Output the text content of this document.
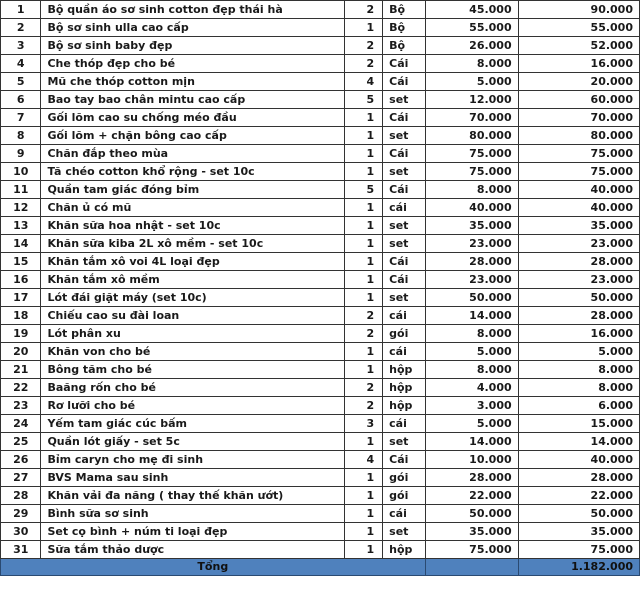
1	Bộ quần áo sơ sinh cotton đẹp thái hà	2	Bộ	45.000	90.000
2	Bộ sơ sinh ulla cao cấp	1	Bộ	55.000	55.000
3	Bộ sơ sinh baby đẹp	2	Bộ	26.000	52.000
4	Che thóp đẹp cho bé	2	Cái	8.000	16.000
5	Mũ che thóp cotton mịn	4	Cái	5.000	20.000
6	Bao tay bao chân mintu cao cấp	5	set	12.000	60.000
7	Gối lõm cao su chống méo đầu	1	Cái	70.000	70.000
8	Gối lõm + chặn bông cao cấp	1	set	80.000	80.000
9	Chăn đắp theo mùa	1	Cái	75.000	75.000
10	Tã chéo cotton khổ rộng - set 10c	1	set	75.000	75.000
11	Quần tam giác đóng bỉm	5	Cái	8.000	40.000
12	Chăn ủ có mũ	1	cái	40.000	40.000
13	Khăn sữa hoa nhật - set 10c	1	set	35.000	35.000
14	Khăn sữa kiba 2L xô mềm - set 10c	1	set	23.000	23.000
15	Khăn tắm xô voi 4L loại đẹp	1	Cái	28.000	28.000
16	Khăn tắm xô mềm	1	Cái	23.000	23.000
17	Lót đái giặt máy (set 10c)	1	set	50.000	50.000
18	Chiếu cao su đài loan	2	cái	14.000	28.000
19	Lót phân xu	2	gói	8.000	16.000
20	Khăn von cho bé	1	cái	5.000	5.000
21	Bông tăm cho bé	1	hộp	8.000	8.000
22	Baăng rốn cho bé	2	hộp	4.000	8.000
23	Rơ lưỡi cho bé	2	hộp	3.000	6.000
24	Yếm tam giác cúc bấm	3	cái	5.000	15.000
25	Quần lót giấy - set 5c	1	set	14.000	14.000
26	Bỉm caryn cho mẹ đi sinh	4	Cái	10.000	40.000
27	BVS Mama sau sinh	1	gói	28.000	28.000
28	Khăn vải đa năng ( thay thế khăn ướt)	1	gói	22.000	22.000
29	Bình sữa sơ sinh	1	cái	50.000	50.000
30	Set cọ bình + núm ti loại đẹp	1	set	35.000	35.000
31	Sữa tắm thảo dược	1	hộp	75.000	75.000
Tổng					1.182.000
